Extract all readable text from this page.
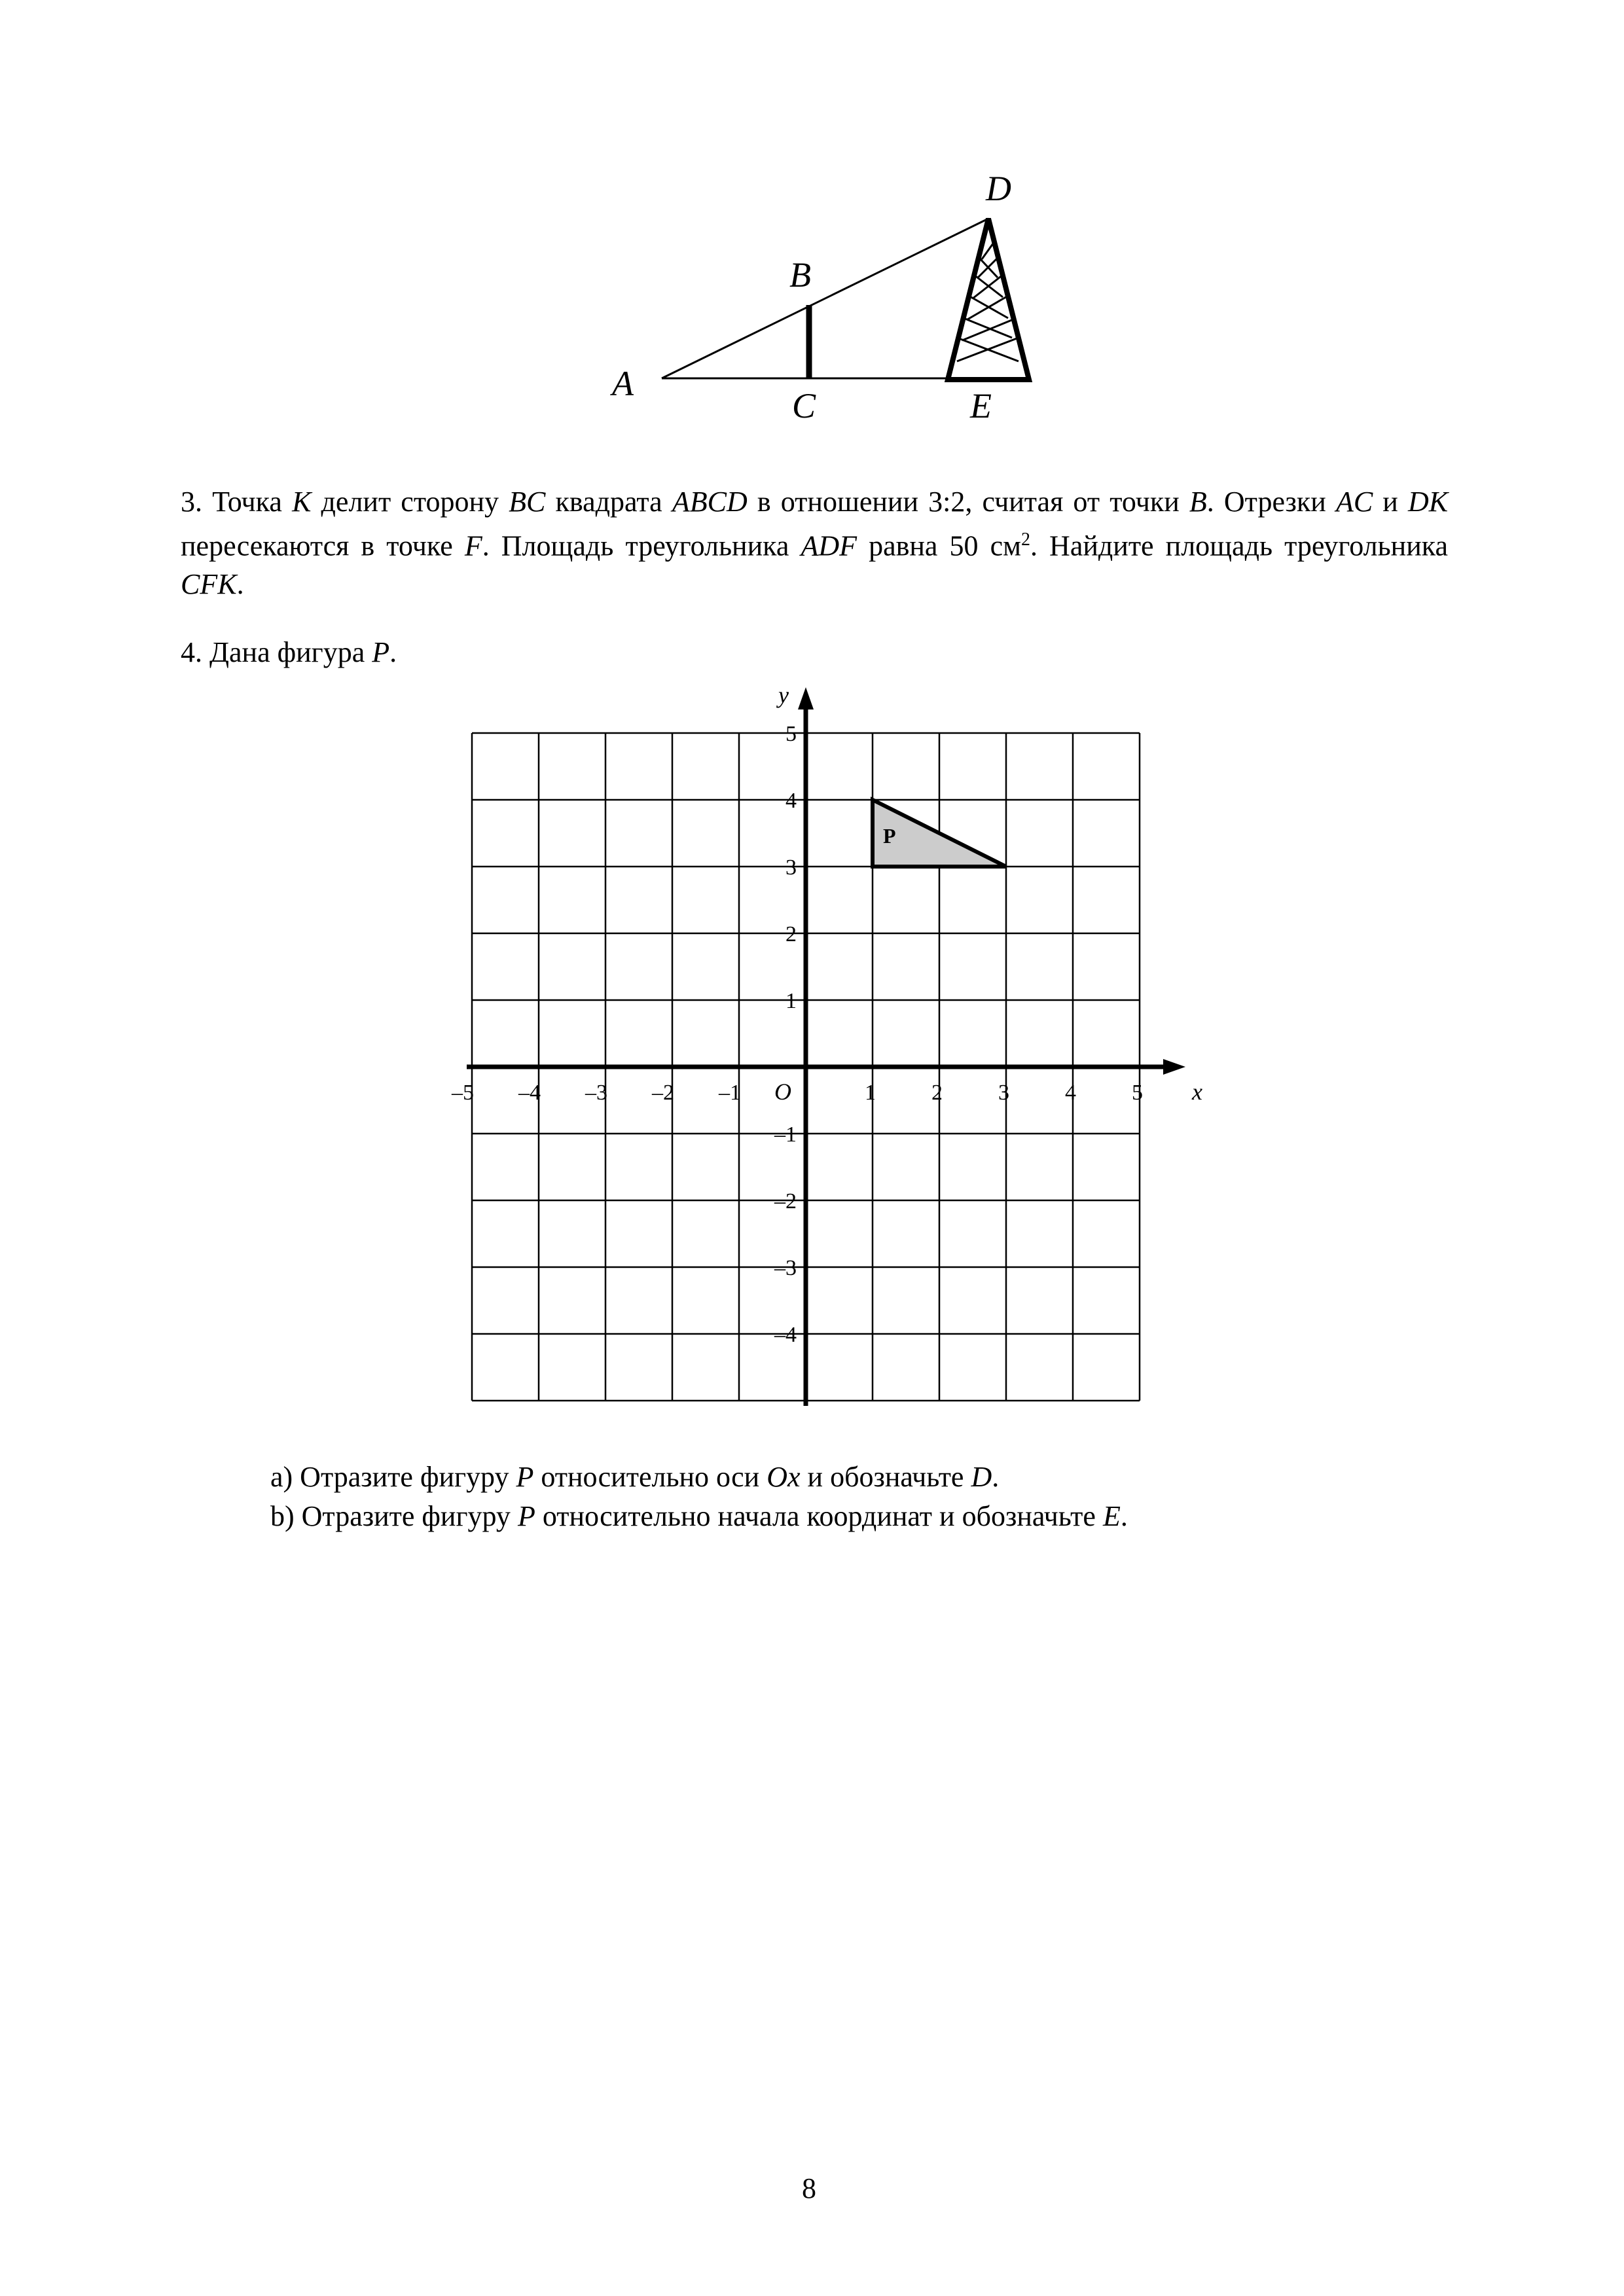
A
B
C
D
E
3. Точка K делит сторону BC квадрата ABCD в отношении 3:2, считая от точки B. Отрезки AC и DK пересекаются в точке F. Площадь треугольника ADF равна 50 $см^2$. Найдите площадь треугольника CFK.
4. Дана фигура P.
P
–5 –4 –3 –2 –1	1	2	3	4	5
5
4
3
2
1
–1
–2
–3
–4
x
y
O
a) Отразите фигуру P относительно оси Ox и обозначьте D.
b) Отразите фигуру P относительно начала координат и обозначьте E.
8
